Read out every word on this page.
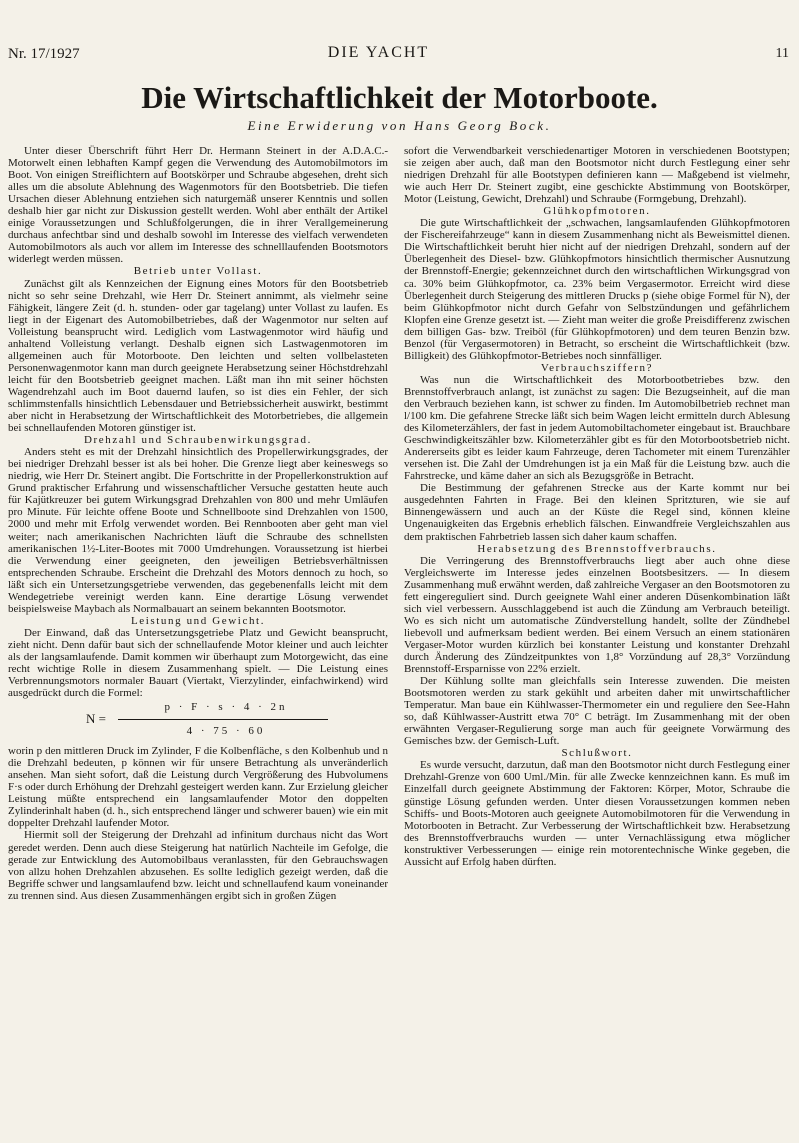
Nr. 17/1927	DIE YACHT	11
Die Wirtschaftlichkeit der Motorboote.
Eine Erwiderung von Hans Georg Bock.

Unter dieser Überschrift führt Herr Dr. Hermann Steinert in der A.D.A.C.-Motorwelt einen lebhaften Kampf gegen die Verwendung des Automobilmotors im Boot. Von einigen Streiflichtern auf Bootskörper und Schraube abgesehen, dreht sich alles um die absolute Ablehnung des Wagenmotors für den Bootsbetrieb. Die tiefen Ursachen dieser Ablehnung entziehen sich naturgemäß unserer Kenntnis und sollen deshalb hier gar nicht zur Diskussion gestellt werden. Wohl aber enthält der Artikel einige Voraussetzungen und Schlußfolgerungen, die in ihrer Verallgemeinerung durchaus anfechtbar sind und deshalb sowohl im Interesse des vielfach verwendeten Automobilmotors als auch vor allem im Interesse des schnelllaufenden Bootsmotors widerlegt werden müssen.

Betrieb unter Vollast.

Zunächst gilt als Kennzeichen der Eignung eines Motors für den Bootsbetrieb nicht so sehr seine Drehzahl, wie Herr Dr. Steinert annimmt, als vielmehr seine Fähigkeit, längere Zeit (d. h. stunden- oder gar tagelang) unter Vollast zu laufen. Es liegt in der Eigenart des Automobilbetriebes, daß der Wagenmotor nur selten auf Volleistung beansprucht wird. Lediglich vom Lastwagenmotor wird häufig und anhaltend Volleistung verlangt. Deshalb eignen sich Lastwagenmotoren im allgemeinen auch für Motorboote. Den leichten und selten vollbelasteten Personenwagenmotor kann man durch geeignete Herabsetzung seiner Höchstdrehzahl leicht für den Bootsbetrieb geeignet machen. Läßt man ihn mit seiner höchsten Wagendrehzahl auch im Boot dauernd laufen, so ist dies ein Fehler, der sich schlimmstenfalls hinsichtlich Lebensdauer und Betriebssicherheit auswirkt, bestimmt aber nicht in Herabsetzung der Wirtschaftlichkeit des Motorbetriebes, die allgemein bei schnellaufenden Motoren günstiger ist.

Drehzahl und Schraubenwirkungsgrad.

Anders steht es mit der Drehzahl hinsichtlich des Propellerwirkungsgrades, der bei niedriger Drehzahl besser ist als bei hoher. Die Grenze liegt aber keineswegs so niedrig, wie Herr Dr. Steinert angibt. Die Fortschritte in der Propellerkonstruktion auf Grund praktischer Erfahrung und wissenschaftlicher Versuche gestatten heute auch für Kajütkreuzer bei gutem Wirkungsgrad Drehzahlen von 800 und mehr Umläufen pro Minute. Für leichte offene Boote und Schnellboote sind Drehzahlen von 1500, 2000 und mehr mit Erfolg verwendet worden. Bei Rennbooten aber geht man viel weiter; nach amerikanischen Nachrichten läuft die Schraube des schnellsten amerikanischen 1½-Liter-Bootes mit 7000 Umdrehungen. Voraussetzung ist hierbei die Verwendung einer geeigneten, den jeweiligen Betriebsverhältnissen entsprechenden Schraube. Erscheint die Drehzahl des Motors dennoch zu hoch, so läßt sich ein Untersetzungsgetriebe verwenden, das gegebenenfalls leicht mit dem Wendegetriebe vereinigt werden kann. Eine derartige Lösung verwendet beispielsweise Maybach als Normalbauart an seinem bekannten Bootsmotor.

Leistung und Gewicht.

Der Einwand, daß das Untersetzungsgetriebe Platz und Gewicht beansprucht, zieht nicht. Denn dafür baut sich der schnellaufende Motor kleiner und auch leichter als der langsamlaufende. Damit kommen wir überhaupt zum Motorgewicht, das eine recht wichtige Rolle in diesem Zusammenhang spielt. — Die Leistung eines Verbrennungsmotors normaler Bauart (Viertakt, Vierzylinder, einfachwirkend) wird ausgedrückt durch die Formel:

N =
p · F · s · 4 · 2n
4 · 75 · 60

worin p den mittleren Druck im Zylinder, F die Kolbenfläche, s den Kolbenhub und n die Drehzahl bedeuten, p können wir für unsere Betrachtung als unveränderlich ansehen. Man sieht sofort, daß die Leistung durch Vergrößerung des Hubvolumens F·s oder durch Erhöhung der Drehzahl gesteigert werden kann. Zur Erzielung gleicher Leistung müßte entsprechend ein langsamlaufender Motor den doppelten Zylinderinhalt haben (d. h., sich entsprechend länger und schwerer bauen) wie ein mit doppelter Drehzahl laufender Motor.

Hiermit soll der Steigerung der Drehzahl ad infinitum durchaus nicht das Wort geredet werden. Denn auch diese Steigerung hat natürlich Nachteile im Gefolge, die gerade zur Entwicklung des Automobilbaus veranlassten, für den Gebrauchswagen von allzu hohen Drehzahlen abzusehen. Es sollte lediglich gezeigt werden, daß die Begriffe schwer und langsamlaufend bzw. leicht und schnellaufend kaum voneinander zu trennen sind. Aus diesen Zusammenhängen ergibt sich in großen Zügen

sofort die Verwendbarkeit verschiedenartiger Motoren in verschiedenen Bootstypen; sie zeigen aber auch, daß man den Bootsmotor nicht durch Festlegung einer sehr niedrigen Drehzahl für alle Bootstypen definieren kann — Maßgebend ist vielmehr, wie auch Herr Dr. Steinert zugibt, eine geschickte Abstimmung von Bootskörper, Motor (Leistung, Gewicht, Drehzahl) und Schraube (Formgebung, Drehzahl).

Glühkopfmotoren.

Die gute Wirtschaftlichkeit der „schwachen, langsamlaufenden Glühkopfmotoren der Fischereifahrzeuge“ kann in diesem Zusammenhang nicht als Beweismittel dienen. Die Wirtschaftlichkeit beruht hier nicht auf der niedrigen Drehzahl, sondern auf der Überlegenheit des Diesel- bzw. Glühkopfmotors hinsichtlich thermischer Ausnutzung der Brennstoff-Energie; gekennzeichnet durch den wirtschaftlichen Wirkungsgrad von ca. 30% beim Glühkopfmotor, ca. 23% beim Vergasermotor. Erreicht wird diese Überlegenheit durch Steigerung des mittleren Drucks p (siehe obige Formel für N), der beim Glühkopfmotor nicht durch Gefahr von Selbstzündungen und gefährlichem Klopfen eine Grenze gesetzt ist. — Zieht man weiter die große Preisdifferenz zwischen dem billigen Gas- bzw. Treiböl (für Glühkopfmotoren) und dem teuren Benzin bzw. Benzol (für Vergasermotoren) in Betracht, so erscheint die Wirtschaftlichkeit (bzw. Billigkeit) des Glühkopfmotor-Betriebes noch sinnfälliger.

Verbrauchsziffern?

Was nun die Wirtschaftlichkeit des Motorbootbetriebes bzw. den Brennstoffverbrauch anlangt, ist zunächst zu sagen: Die Bezugseinheit, auf die man den Verbrauch beziehen kann, ist schwer zu finden. Im Automobilbetrieb rechnet man l/100 km. Die gefahrene Strecke läßt sich beim Wagen leicht ermitteln durch Ablesung des Kilometerzählers, der fast in jedem Automobiltachometer eingebaut ist. Brauchbare Geschwindigkeitszähler bzw. Kilometerzähler gibt es für den Motorbootsbetrieb nicht. Andererseits gibt es leider kaum Fahrzeuge, deren Tachometer mit einem Turenzähler versehen ist. Die Zahl der Umdrehungen ist ja ein Maß für die Leistung bzw. auch die Fahrstrecke, und käme daher an sich als Bezugsgröße in Betracht.

Die Bestimmung der gefahrenen Strecke aus der Karte kommt nur bei ausgedehnten Fahrten in Frage. Bei den kleinen Spritzturen, wie sie auf Binnengewässern und auch an der Küste die Regel sind, können kleine Ungenauigkeiten das Ergebnis erheblich fälschen. Einwandfreie Vergleichszahlen aus dem praktischen Fahrbetrieb lassen sich daher kaum schaffen.

Herabsetzung des Brennstoffverbrauchs.

Die Verringerung des Brennstoffverbrauchs liegt aber auch ohne diese Vergleichswerte im Interesse jedes einzelnen Bootsbesitzers. — In diesem Zusammenhang muß erwähnt werden, daß zahlreiche Vergaser an den Bootsmotoren zu fett eingereguliert sind. Durch geeignete Wahl einer anderen Düsenkombination läßt sich viel verbessern. Ausschlaggebend ist auch die Zündung am Verbrauch beteiligt. Wo es sich nicht um automatische Zündverstellung handelt, sollte der Zündhebel liebevoll und aufmerksam bedient werden. Bei einem Versuch an einem stationären Vergaser-Motor wurden kürzlich bei konstanter Leistung und konstanter Drehzahl durch Änderung des Zündzeitpunktes von 1,8° Vorzündung auf 28,3° Vorzündung Brennstoff-Ersparnisse von 22% erzielt.

Der Kühlung sollte man gleichfalls sein Interesse zuwenden. Die meisten Bootsmotoren werden zu stark gekühlt und arbeiten daher mit unwirtschaftlicher Temperatur. Man baue ein Kühlwasser-Thermometer ein und reguliere den See-Hahn so, daß Kühlwasser-Austritt etwa 70° C beträgt. Im Zusammenhang mit der oben erwähnten Vergaser-Regulierung sorge man auch für geeignete Vorwärmung des Gemisches bzw. der Gemisch-Luft.

Schlußwort.

Es wurde versucht, darzutun, daß man den Bootsmotor nicht durch Festlegung einer Drehzahl-Grenze von 600 Uml./Min. für alle Zwecke kennzeichnen kann. Es muß im Einzelfall durch geeignete Abstimmung der Faktoren: Körper, Motor, Schraube die günstige Lösung gefunden werden. Unter diesen Voraussetzungen kommen neben Schiffs- und Boots-Motoren auch geeignete Automobilmotoren für die Verwendung in Motorbooten in Betracht. Zur Verbesserung der Wirtschaftlichkeit bzw. Herabsetzung des Brennstoffverbrauchs wurden — unter Vernachlässigung etwa möglicher konstruktiver Verbesserungen — einige rein motorentechnische Winke gegeben, die Aussicht auf Erfolg haben dürften.
